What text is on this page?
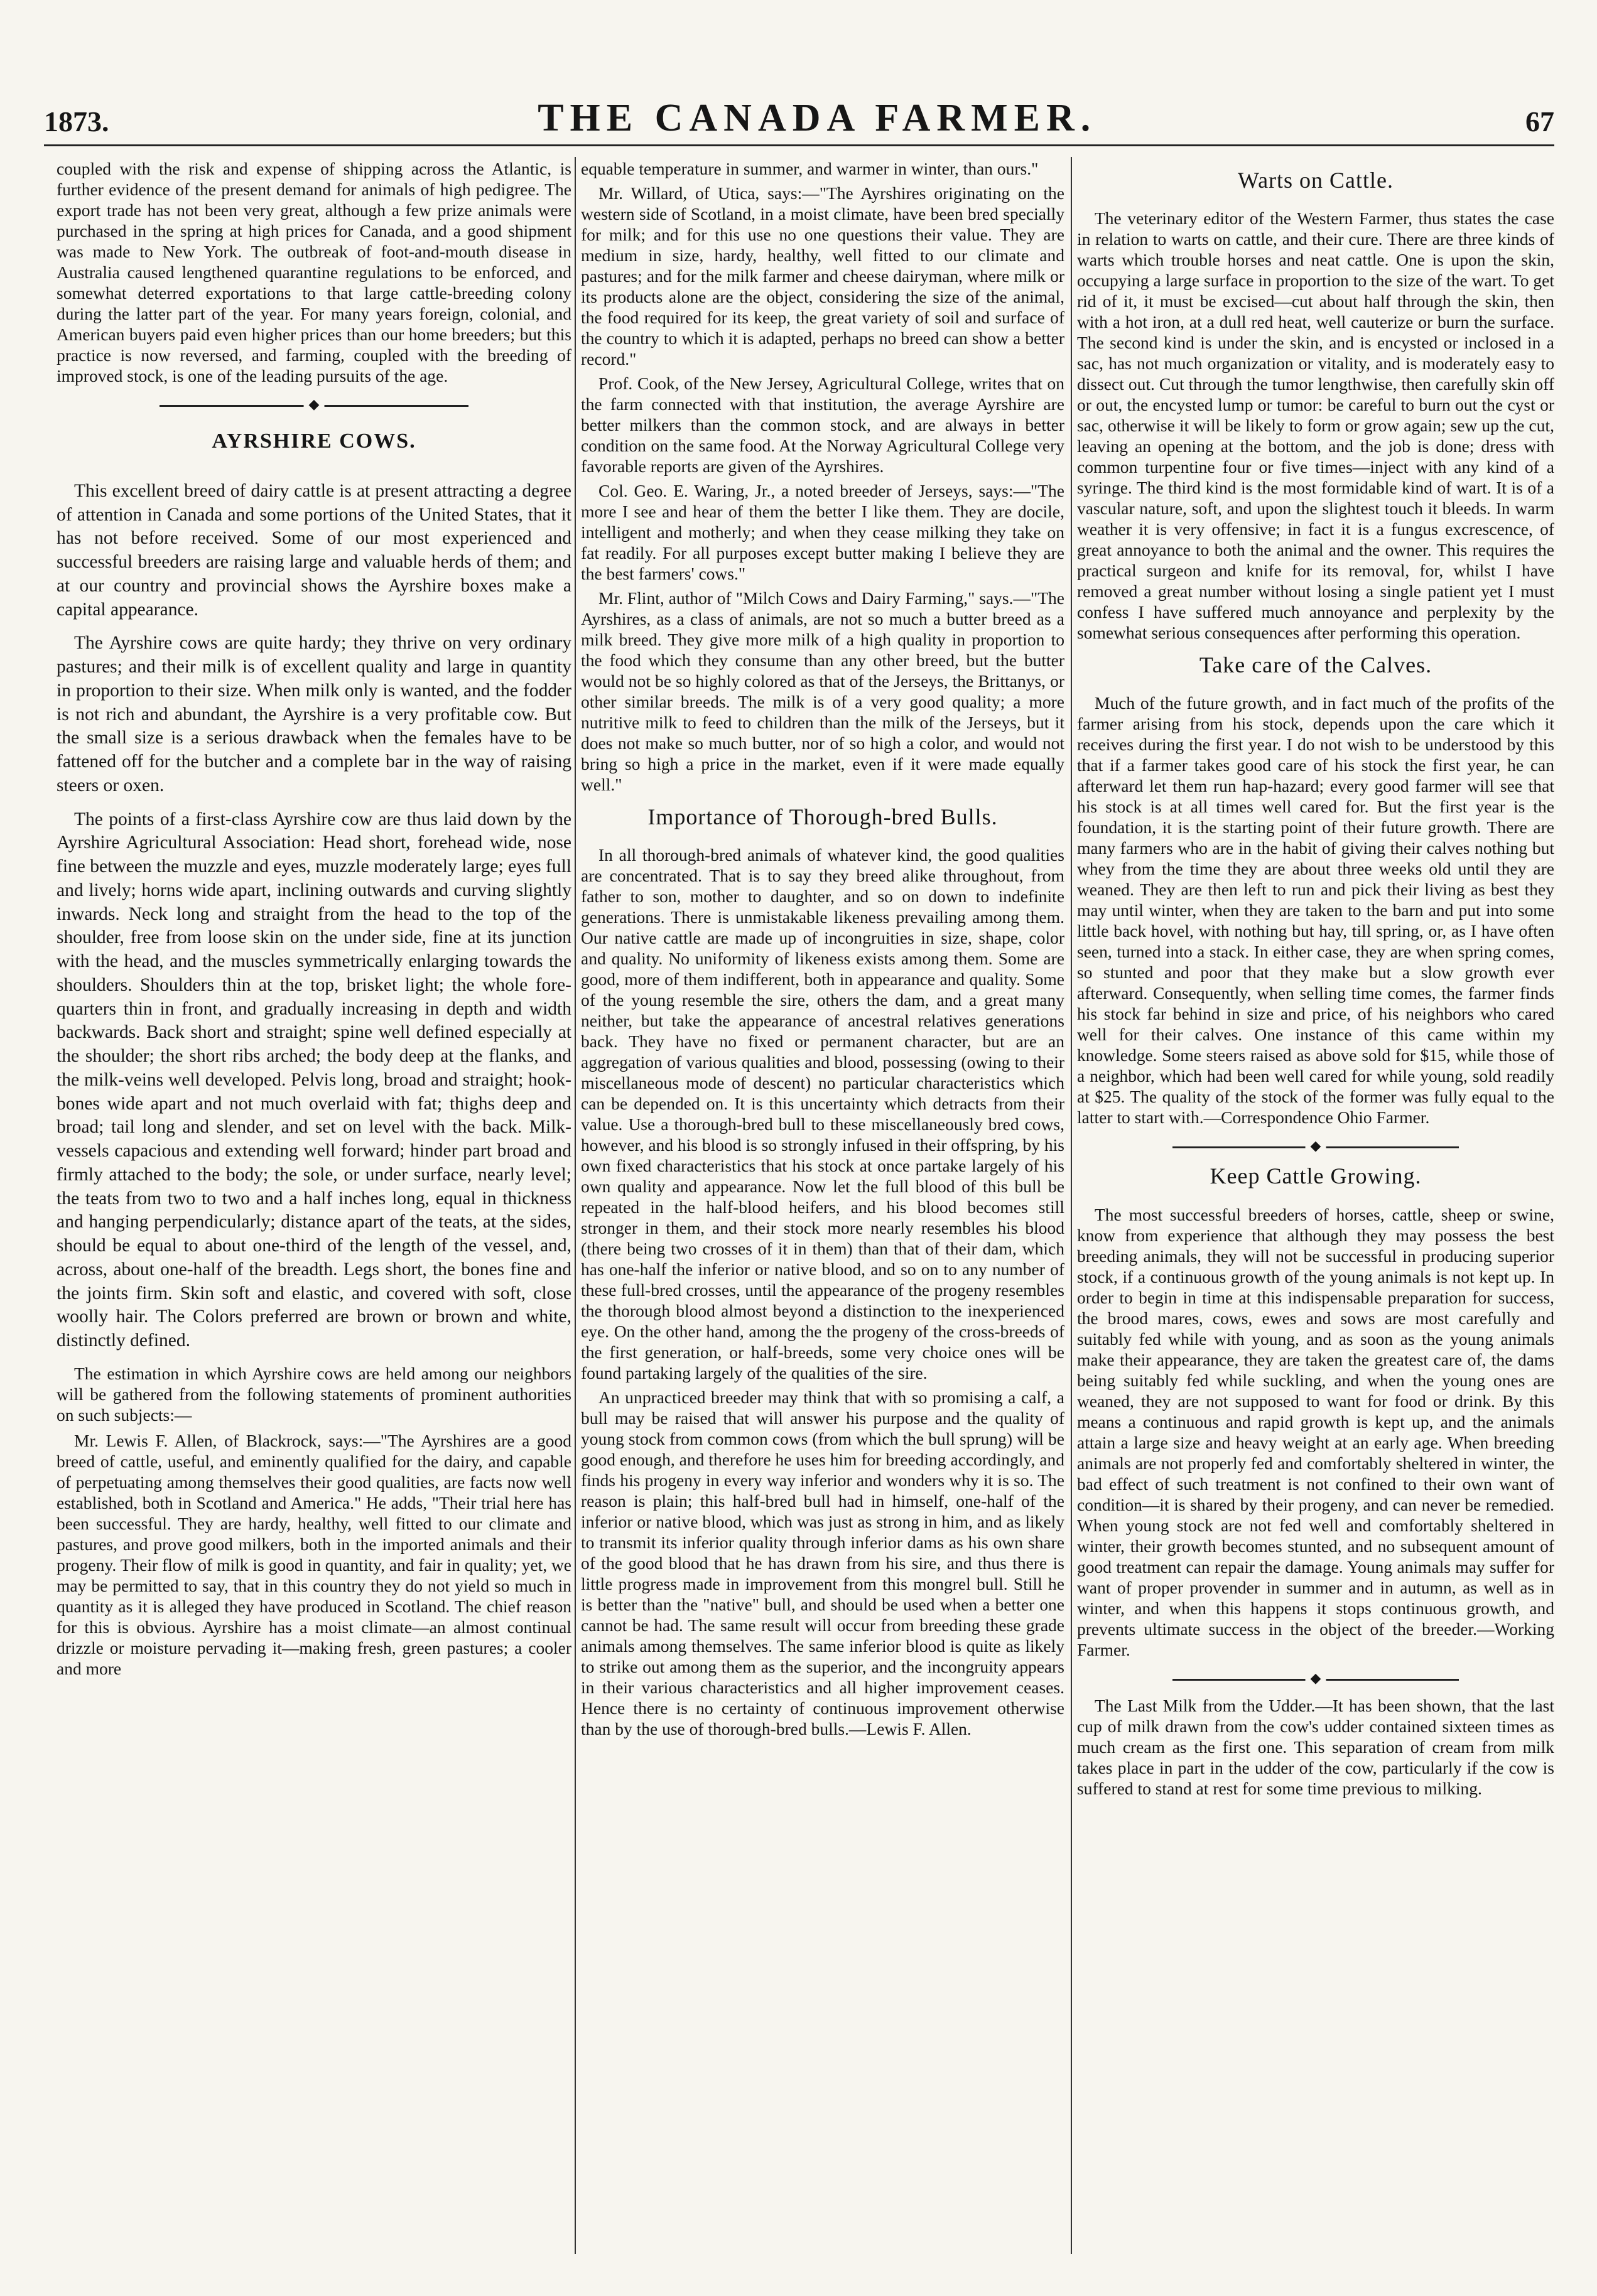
1873.	THE CANADA FARMER.	67

coupled with the risk and expense of shipping across the Atlantic, is further evidence of the present demand for animals of high pedigree. The export trade has not been very great, although a few prize animals were purchased in the spring at high prices for Canada, and a good shipment was made to New York. The outbreak of foot-and-mouth disease in Australia caused lengthened quarantine regulations to be enforced, and somewhat deterred exportations to that large cattle-breeding colony during the latter part of the year. For many years foreign, colonial, and American buyers paid even higher prices than our home breeders; but this practice is now reversed, and farming, coupled with the breeding of improved stock, is one of the leading pursuits of the age.

◆
AYRSHIRE COWS.

This excellent breed of dairy cattle is at present attracting a degree of attention in Canada and some portions of the United States, that it has not before received. Some of our most experienced and successful breeders are raising large and valuable herds of them; and at our country and provincial shows the Ayrshire boxes make a capital appearance.

The Ayrshire cows are quite hardy; they thrive on very ordinary pastures; and their milk is of excellent quality and large in quantity in proportion to their size. When milk only is wanted, and the fodder is not rich and abundant, the Ayrshire is a very profitable cow. But the small size is a serious drawback when the females have to be fattened off for the butcher and a complete bar in the way of raising steers or oxen.

The points of a first-class Ayrshire cow are thus laid down by the Ayrshire Agricultural Association: Head short, forehead wide, nose fine between the muzzle and eyes, muzzle moderately large; eyes full and lively; horns wide apart, inclining outwards and curving slightly inwards. Neck long and straight from the head to the top of the shoulder, free from loose skin on the under side, fine at its junction with the head, and the muscles symmetrically enlarging towards the shoulders. Shoulders thin at the top, brisket light; the whole fore-quarters thin in front, and gradually increasing in depth and width backwards. Back short and straight; spine well defined especially at the shoulder; the short ribs arched; the body deep at the flanks, and the milk-veins well developed. Pelvis long, broad and straight; hook-bones wide apart and not much overlaid with fat; thighs deep and broad; tail long and slender, and set on level with the back. Milk-vessels capacious and extending well forward; hinder part broad and firmly attached to the body; the sole, or under surface, nearly level; the teats from two to two and a half inches long, equal in thickness and hanging perpendicularly; distance apart of the teats, at the sides, should be equal to about one-third of the length of the vessel, and, across, about one-half of the breadth. Legs short, the bones fine and the joints firm. Skin soft and elastic, and covered with soft, close woolly hair. The Colors preferred are brown or brown and white, distinctly defined.

The estimation in which Ayrshire cows are held among our neighbors will be gathered from the following statements of prominent authorities on such subjects:—

Mr. Lewis F. Allen, of Blackrock, says:—"The Ayrshires are a good breed of cattle, useful, and eminently qualified for the dairy, and capable of perpetuating among themselves their good qualities, are facts now well established, both in Scotland and America." He adds, "Their trial here has been successful. They are hardy, healthy, well fitted to our climate and pastures, and prove good milkers, both in the imported animals and their progeny. Their flow of milk is good in quantity, and fair in quality; yet, we may be permitted to say, that in this country they do not yield so much in quantity as it is alleged they have produced in Scotland. The chief reason for this is obvious. Ayrshire has a moist climate—an almost continual drizzle or moisture pervading it—making fresh, green pastures; a cooler and more

equable temperature in summer, and warmer in winter, than ours."

Mr. Willard, of Utica, says:—"The Ayrshires originating on the western side of Scotland, in a moist climate, have been bred specially for milk; and for this use no one questions their value. They are medium in size, hardy, healthy, well fitted to our climate and pastures; and for the milk farmer and cheese dairyman, where milk or its products alone are the object, considering the size of the animal, the food required for its keep, the great variety of soil and surface of the country to which it is adapted, perhaps no breed can show a better record."

Prof. Cook, of the New Jersey, Agricultural College, writes that on the farm connected with that institution, the average Ayrshire are better milkers than the common stock, and are always in better condition on the same food. At the Norway Agricultural College very favorable reports are given of the Ayrshires.

Col. Geo. E. Waring, Jr., a noted breeder of Jerseys, says:—"The more I see and hear of them the better I like them. They are docile, intelligent and motherly; and when they cease milking they take on fat readily. For all purposes except butter making I believe they are the best farmers' cows."

Mr. Flint, author of "Milch Cows and Dairy Farming," says.—"The Ayrshires, as a class of animals, are not so much a butter breed as a milk breed. They give more milk of a high quality in proportion to the food which they consume than any other breed, but the butter would not be so highly colored as that of the Jerseys, the Brittanys, or other similar breeds. The milk is of a very good quality; a more nutritive milk to feed to children than the milk of the Jerseys, but it does not make so much butter, nor of so high a color, and would not bring so high a price in the market, even if it were made equally well."

Importance of Thorough-bred Bulls.

In all thorough-bred animals of whatever kind, the good qualities are concentrated. That is to say they breed alike throughout, from father to son, mother to daughter, and so on down to indefinite generations. There is unmistakable likeness prevailing among them. Our native cattle are made up of incongruities in size, shape, color and quality. No uniformity of likeness exists among them. Some are good, more of them indifferent, both in appearance and quality. Some of the young resemble the sire, others the dam, and a great many neither, but take the appearance of ancestral relatives generations back. They have no fixed or permanent character, but are an aggregation of various qualities and blood, possessing (owing to their miscellaneous mode of descent) no particular characteristics which can be depended on. It is this uncertainty which detracts from their value. Use a thorough-bred bull to these miscellaneously bred cows, however, and his blood is so strongly infused in their offspring, by his own fixed characteristics that his stock at once partake largely of his own quality and appearance. Now let the full blood of this bull be repeated in the half-blood heifers, and his blood becomes still stronger in them, and their stock more nearly resembles his blood (there being two crosses of it in them) than that of their dam, which has one-half the inferior or native blood, and so on to any number of these full-bred crosses, until the appearance of the progeny resembles the thorough blood almost beyond a distinction to the inexperienced eye. On the other hand, among the the progeny of the cross-breeds of the first generation, or half-breeds, some very choice ones will be found partaking largely of the qualities of the sire.

An unpracticed breeder may think that with so promising a calf, a bull may be raised that will answer his purpose and the quality of young stock from common cows (from which the bull sprung) will be good enough, and therefore he uses him for breeding accordingly, and finds his progeny in every way inferior and wonders why it is so. The reason is plain; this half-bred bull had in himself, one-half of the inferior or native blood, which was just as strong in him, and as likely to transmit its inferior quality through inferior dams as his own share of the good blood that he has drawn from his sire, and thus there is little progress made in improvement from this mongrel bull. Still he is better than the "native" bull, and should be used when a better one cannot be had. The same result will occur from breeding these grade animals among themselves. The same inferior blood is quite as likely to strike out among them as the superior, and the incongruity appears in their various characteristics and all higher improvement ceases. Hence there is no certainty of continuous improvement otherwise than by the use of thorough-bred bulls.—Lewis F. Allen.

Warts on Cattle.

The veterinary editor of the Western Farmer, thus states the case in relation to warts on cattle, and their cure. There are three kinds of warts which trouble horses and neat cattle. One is upon the skin, occupying a large surface in proportion to the size of the wart. To get rid of it, it must be excised—cut about half through the skin, then with a hot iron, at a dull red heat, well cauterize or burn the surface. The second kind is under the skin, and is encysted or inclosed in a sac, has not much organization or vitality, and is moderately easy to dissect out. Cut through the tumor lengthwise, then carefully skin off or out, the encysted lump or tumor: be careful to burn out the cyst or sac, otherwise it will be likely to form or grow again; sew up the cut, leaving an opening at the bottom, and the job is done; dress with common turpentine four or five times—inject with any kind of a syringe. The third kind is the most formidable kind of wart. It is of a vascular nature, soft, and upon the slightest touch it bleeds. In warm weather it is very offensive; in fact it is a fungus excrescence, of great annoyance to both the animal and the owner. This requires the practical surgeon and knife for its removal, for, whilst I have removed a great number without losing a single patient yet I must confess I have suffered much annoyance and perplexity by the somewhat serious consequences after performing this operation.

Take care of the Calves.

Much of the future growth, and in fact much of the profits of the farmer arising from his stock, depends upon the care which it receives during the first year. I do not wish to be understood by this that if a farmer takes good care of his stock the first year, he can afterward let them run hap-hazard; every good farmer will see that his stock is at all times well cared for. But the first year is the foundation, it is the starting point of their future growth. There are many farmers who are in the habit of giving their calves nothing but whey from the time they are about three weeks old until they are weaned. They are then left to run and pick their living as best they may until winter, when they are taken to the barn and put into some little back hovel, with nothing but hay, till spring, or, as I have often seen, turned into a stack. In either case, they are when spring comes, so stunted and poor that they make but a slow growth ever afterward. Consequently, when selling time comes, the farmer finds his stock far behind in size and price, of his neighbors who cared well for their calves. One instance of this came within my knowledge. Some steers raised as above sold for $15, while those of a neighbor, which had been well cared for while young, sold readily at $25. The quality of the stock of the former was fully equal to the latter to start with.—Correspondence Ohio Farmer.

◆
Keep Cattle Growing.

The most successful breeders of horses, cattle, sheep or swine, know from experience that although they may possess the best breeding animals, they will not be successful in producing superior stock, if a continuous growth of the young animals is not kept up. In order to begin in time at this indispensable preparation for success, the brood mares, cows, ewes and sows are most carefully and suitably fed while with young, and as soon as the young animals make their appearance, they are taken the greatest care of, the dams being suitably fed while suckling, and when the young ones are weaned, they are not supposed to want for food or drink. By this means a continuous and rapid growth is kept up, and the animals attain a large size and heavy weight at an early age. When breeding animals are not properly fed and comfortably sheltered in winter, the bad effect of such treatment is not confined to their own want of condition—it is shared by their progeny, and can never be remedied. When young stock are not fed well and comfortably sheltered in winter, their growth becomes stunted, and no subsequent amount of good treatment can repair the damage. Young animals may suffer for want of proper provender in summer and in autumn, as well as in winter, and when this happens it stops continuous growth, and prevents ultimate success in the object of the breeder.—Working Farmer.

◆

The Last Milk from the Udder.—It has been shown, that the last cup of milk drawn from the cow's udder contained sixteen times as much cream as the first one. This separation of cream from milk takes place in part in the udder of the cow, particularly if the cow is suffered to stand at rest for some time previous to milking.
